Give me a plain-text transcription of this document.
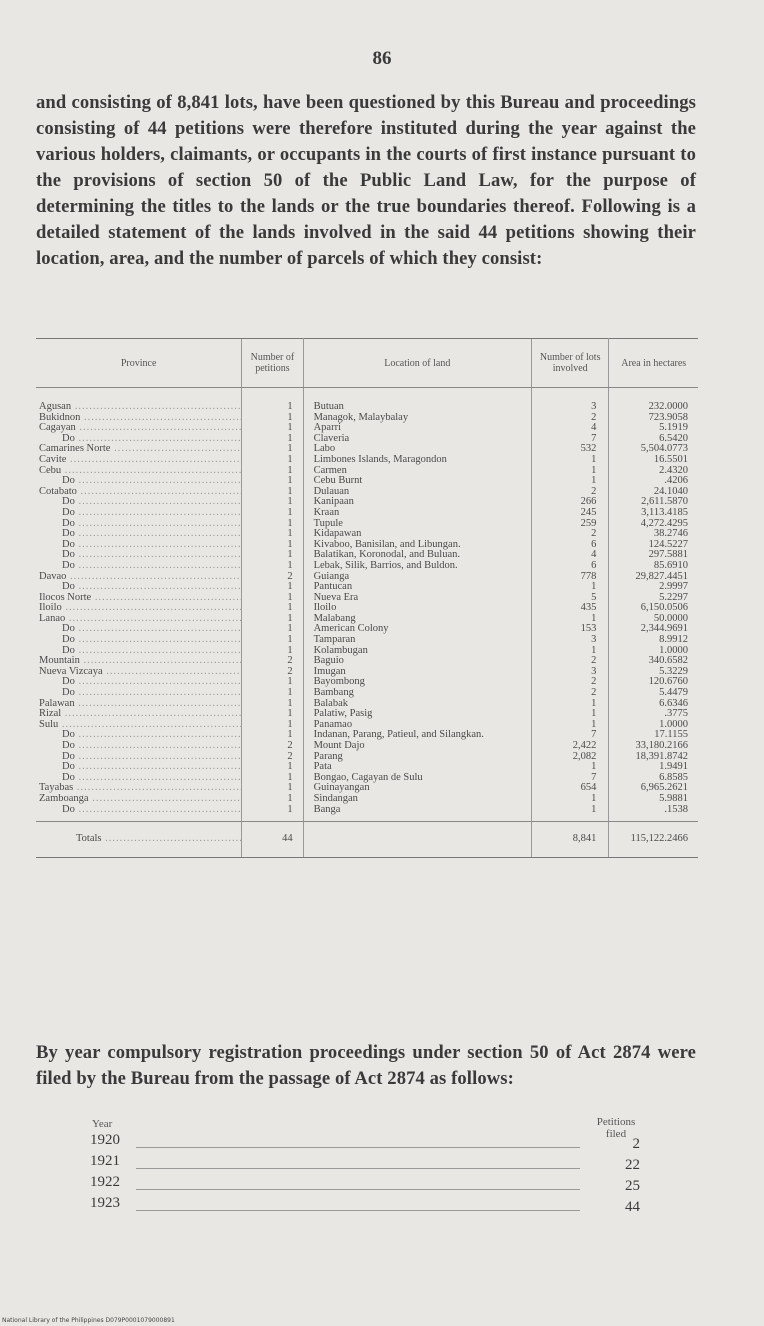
86

and consisting of 8,841 lots, have been questioned by this Bureau and proceedings consisting of 44 petitions were therefore instituted during the year against the various holders, claimants, or occupants in the courts of first instance pursuant to the provisions of section 50 of the Public Land Law, for the purpose of determining the titles to the lands or the true boundaries thereof. Following is a detailed statement of the lands involved in the said 44 petitions showing their location, area, and the number of parcels of which they consist:

Province	Number of petitions	Location of land	Number of lots involved	Area in hectares
Agusan .....	1	Butuan	3	232.0000
Bukidnon .....	1	Managok, Malaybalay	2	723.9058
Cagayan .....	1	Aparri	4	5.1919
Do .....	1	Claveria	7	6.5420
Camarines Norte .....	1	Labo	532	5,504.0773
Cavite .....	1	Limbones Islands, Maragondon	1	16.5501
Cebu .....	1	Carmen	1	2.4320
Do .....	1	Cebu Burnt	1	.4206
Cotabato .....	1	Dulauan	2	24.1040
Do .....	1	Kanipaan	266	2,611.5870
Do .....	1	Kraan	245	3,113.4185
Do .....	1	Tupule	259	4,272.4295
Do .....	1	Kidapawan	2	38.2746
Do .....	1	Kivaboo, Banisilan, and Libungan.	6	124.5227
Do .....	1	Balatikan, Koronodal, and Buluan.	4	297.5881
Do .....	1	Lebak, Silik, Barrios, and Buldon.	6	85.6910
Davao .....	2	Guianga	778	29,827.4451
Do .....	1	Pantucan	1	2.9997
Ilocos Norte .....	1	Nueva Era	5	5.2297
Iloilo .....	1	Iloilo	435	6,150.0506
Lanao .....	1	Malabang	1	50.0000
Do .....	1	American Colony	153	2,344.9691
Do .....	1	Tamparan	3	8.9912
Do .....	1	Kolambugan	1	1.0000
Mountain .....	2	Baguio	2	340.6582
Nueva Vizcaya .....	2	Imugan	3	5.3229
Do .....	1	Bayombong	2	120.6760
Do .....	1	Bambang	2	5.4479
Palawan .....	1	Balabak	1	6.6346
Rizal .....	1	Palatiw, Pasig	1	.3775
Sulu .....	1	Panamao	1	1.0000
Do .....	1	Indanan, Parang, Patieul, and Silangkan.	7	17.1155
Do .....	2	Mount Dajo	2,422	33,180.2166
Do .....	2	Parang	2,082	18,391.8742
Do .....	1	Pata	1	1.9491
Do .....	1	Bongao, Cagayan de Sulu	7	6.8585
Tayabas .....	1	Guinayangan	654	6,965.2621
Zamboanga .....	1	Sindangan	1	5.9881
Do .....	1	Banga	1	.1538
Totals .....	44		8,841	115,122.2466

By year compulsory registration proceedings under section 50 of Act 2874 were filed by the Bureau from the passage of Act 2874 as follows:

Year	Petitions filed
1920	2
1921	22
1922	25
1923	44
National Library of the Philippines D079P0001079000891
